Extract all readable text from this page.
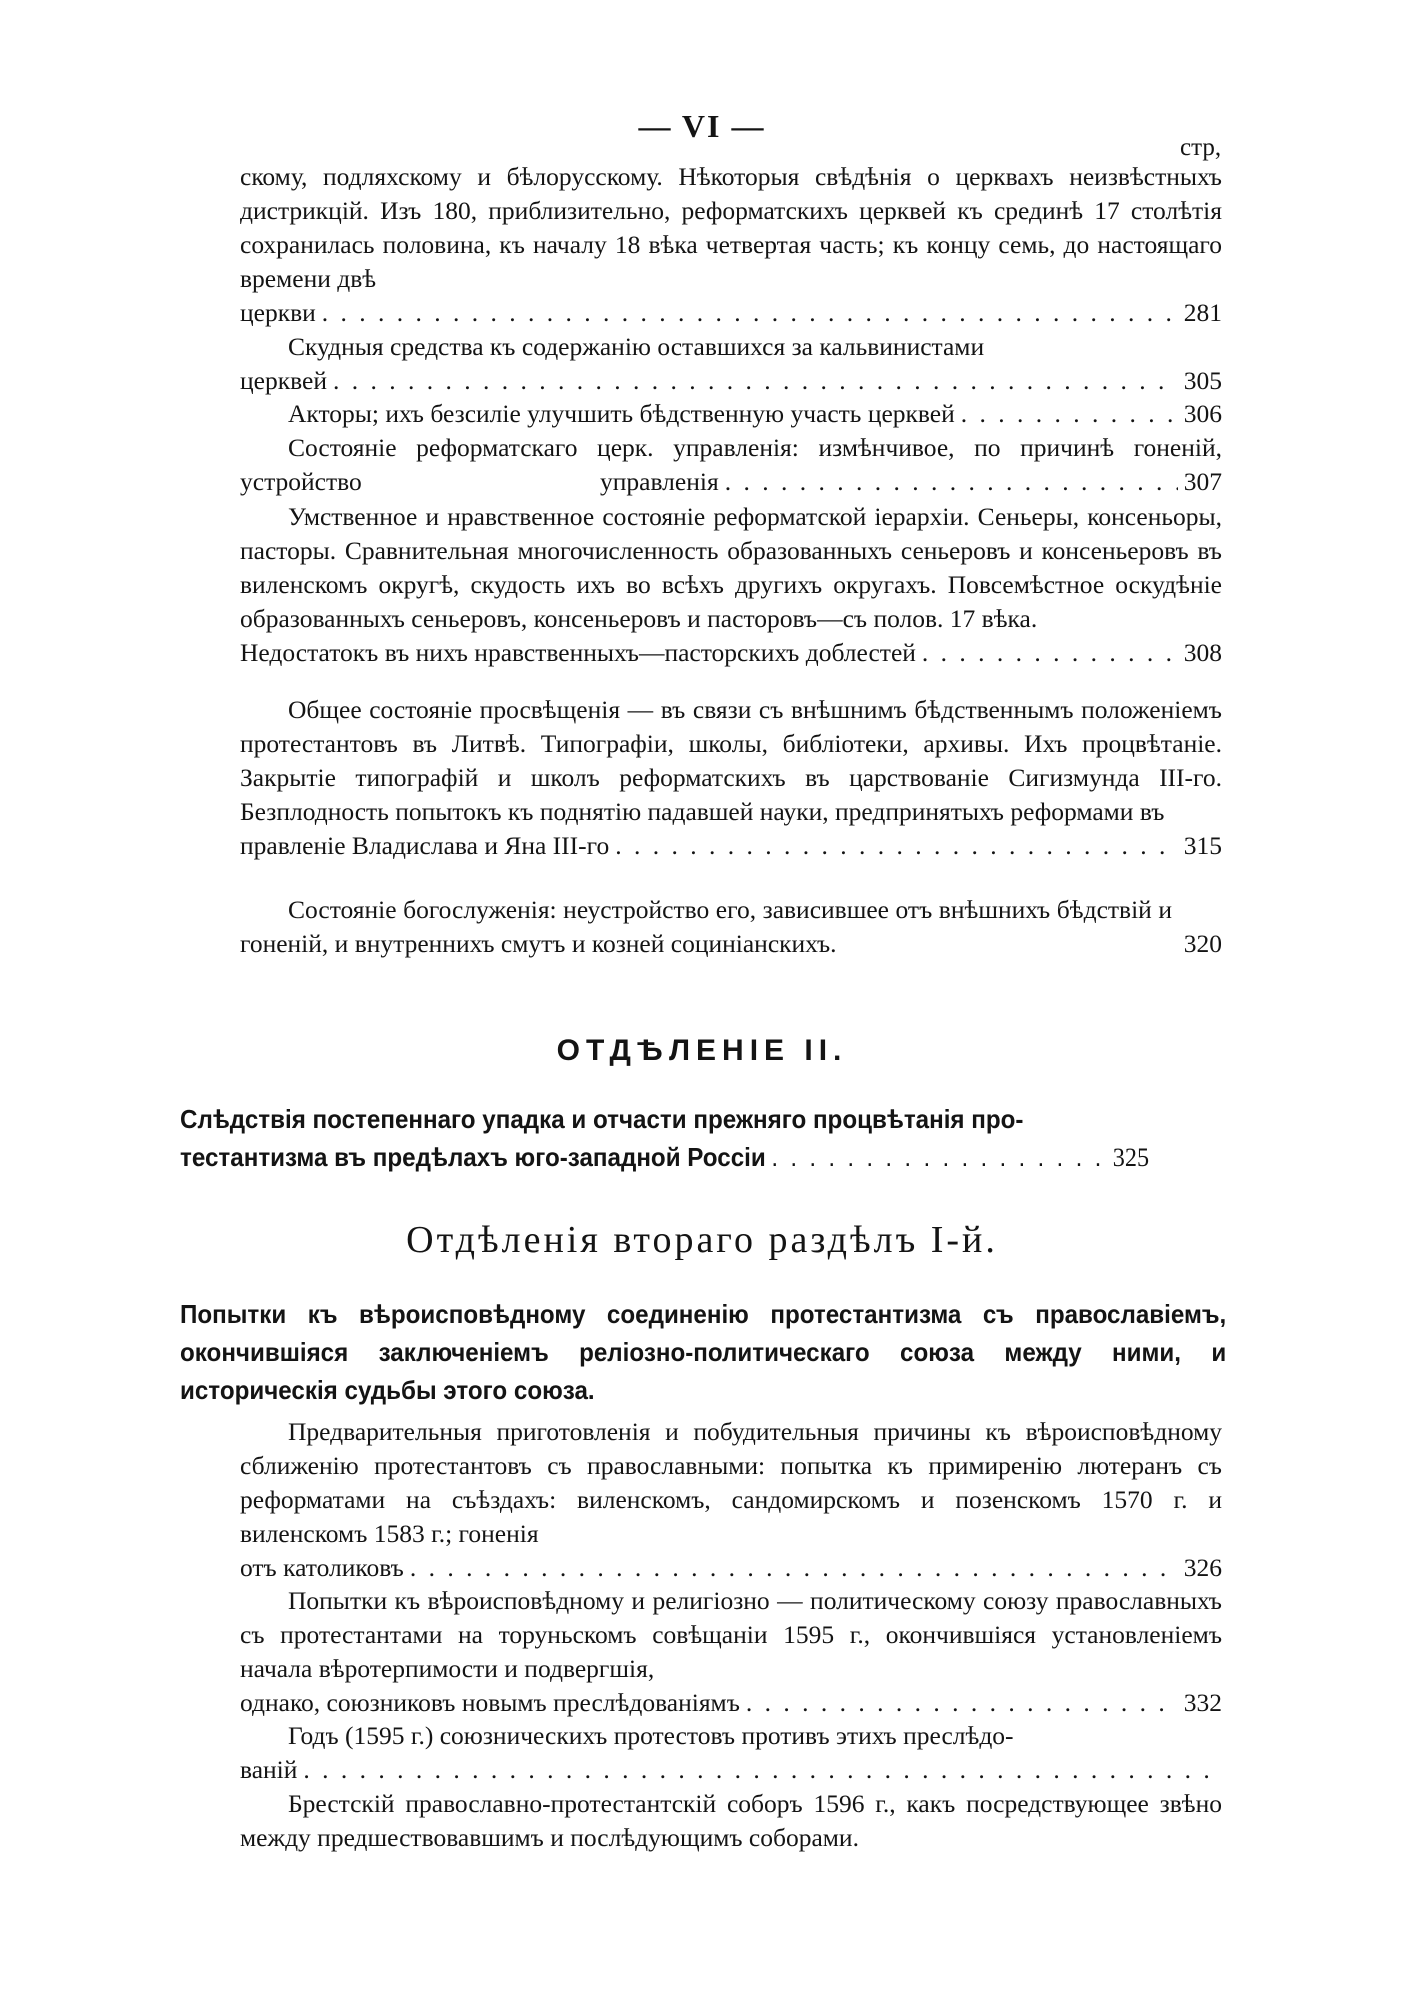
— VI —
стр,
скому, подляхскому и бѣлорусскому. Нѣкоторыя свѣдѣнія о церквахъ неизвѣстныхъ дистрикцій. Изъ 180, приблизительно, реформатскихъ церквей къ срединѣ 17 столѣтія сохранилась половина, къ началу 18 вѣка четвертая часть; къ концу семь, до настоящаго времени двѣ
церкви . . .	281
Скудныя средства къ содержанію оставшихся за кальвинистами
церквей . . .	305
Акторы; ихъ безсиліе улучшить бѣдственную участь церквей . . .	306
Состояніе реформатскаго церк. управленія: измѣнчивое, по причинѣ гоненій, устройство	управленія . . .	307
Умственное и нравственное состояніе реформатской іерархіи. Сеньеры, консеньоры, пасторы. Сравнительная многочисленность образованныхъ сеньеровъ и консеньеровъ въ виленскомъ округѣ, скудость ихъ во всѣхъ другихъ округахъ. Повсемѣстное оскудѣніе образованныхъ сеньеровъ, консеньеровъ и пасторовъ—съ полов. 17 вѣка.
Недостатокъ въ нихъ нравственныхъ—пасторскихъ доблестей . . .	308
Общее состояніе просвѣщенія — въ связи съ внѣшнимъ бѣдственнымъ положеніемъ протестантовъ въ Литвѣ. Типографіи, школы, библіотеки, архивы. Ихъ процвѣтаніе. Закрытіе типографій и школъ реформатскихъ въ царствованіе Сигизмунда III-го. Безплодность попытокъ къ поднятію падавшей науки, предпринятыхъ реформами въ
правленіе Владислава и Яна III-го . . .	315
Состояніе богослуженія: неустройство его, зависившее отъ внѣшнихъ бѣдствій и гоненій, и внутреннихъ смутъ и козней социніанскихъ.	320
ОТДѢЛЕНІЕ II.
Слѣдствія постепеннаго упадка и отчасти прежняго процвѣтанія про-
тестантизма въ предѣлахъ юго-западной Россіи . . .	325
Отдѣленія втораго раздѣлъ I-й.
Попытки къ вѣроисповѣдному соединенію протестантизма съ православіемъ, окончившіяся заключеніемъ реліозно-политическаго союза между ними, и историческія судьбы этого союза.
Предварительныя приготовленія и побудительныя причины къ вѣроисповѣдному сближенію протестантовъ съ православными: попытка къ примиренію лютеранъ съ реформатами на съѣздахъ: виленскомъ, сандомирскомъ и позенскомъ 1570 г. и виленскомъ 1583 г.; гоненія
отъ католиковъ . . .	326
Попытки къ вѣроисповѣдному и религіозно — политическому союзу православныхъ съ протестантами на торуньскомъ совѣщаніи 1595 г., окончившіяся установленіемъ начала вѣротерпимости и подвергшія,
однако, союзниковъ новымъ преслѣдованіямъ . . .	332
Годъ (1595 г.) союзническихъ протестовъ противъ этихъ преслѣдо-
ваній
. . .
Брестскій православно-протестантскій соборъ 1596 г., какъ посредствующее звѣно между предшествовавшимъ и послѣдующимъ соборами.
